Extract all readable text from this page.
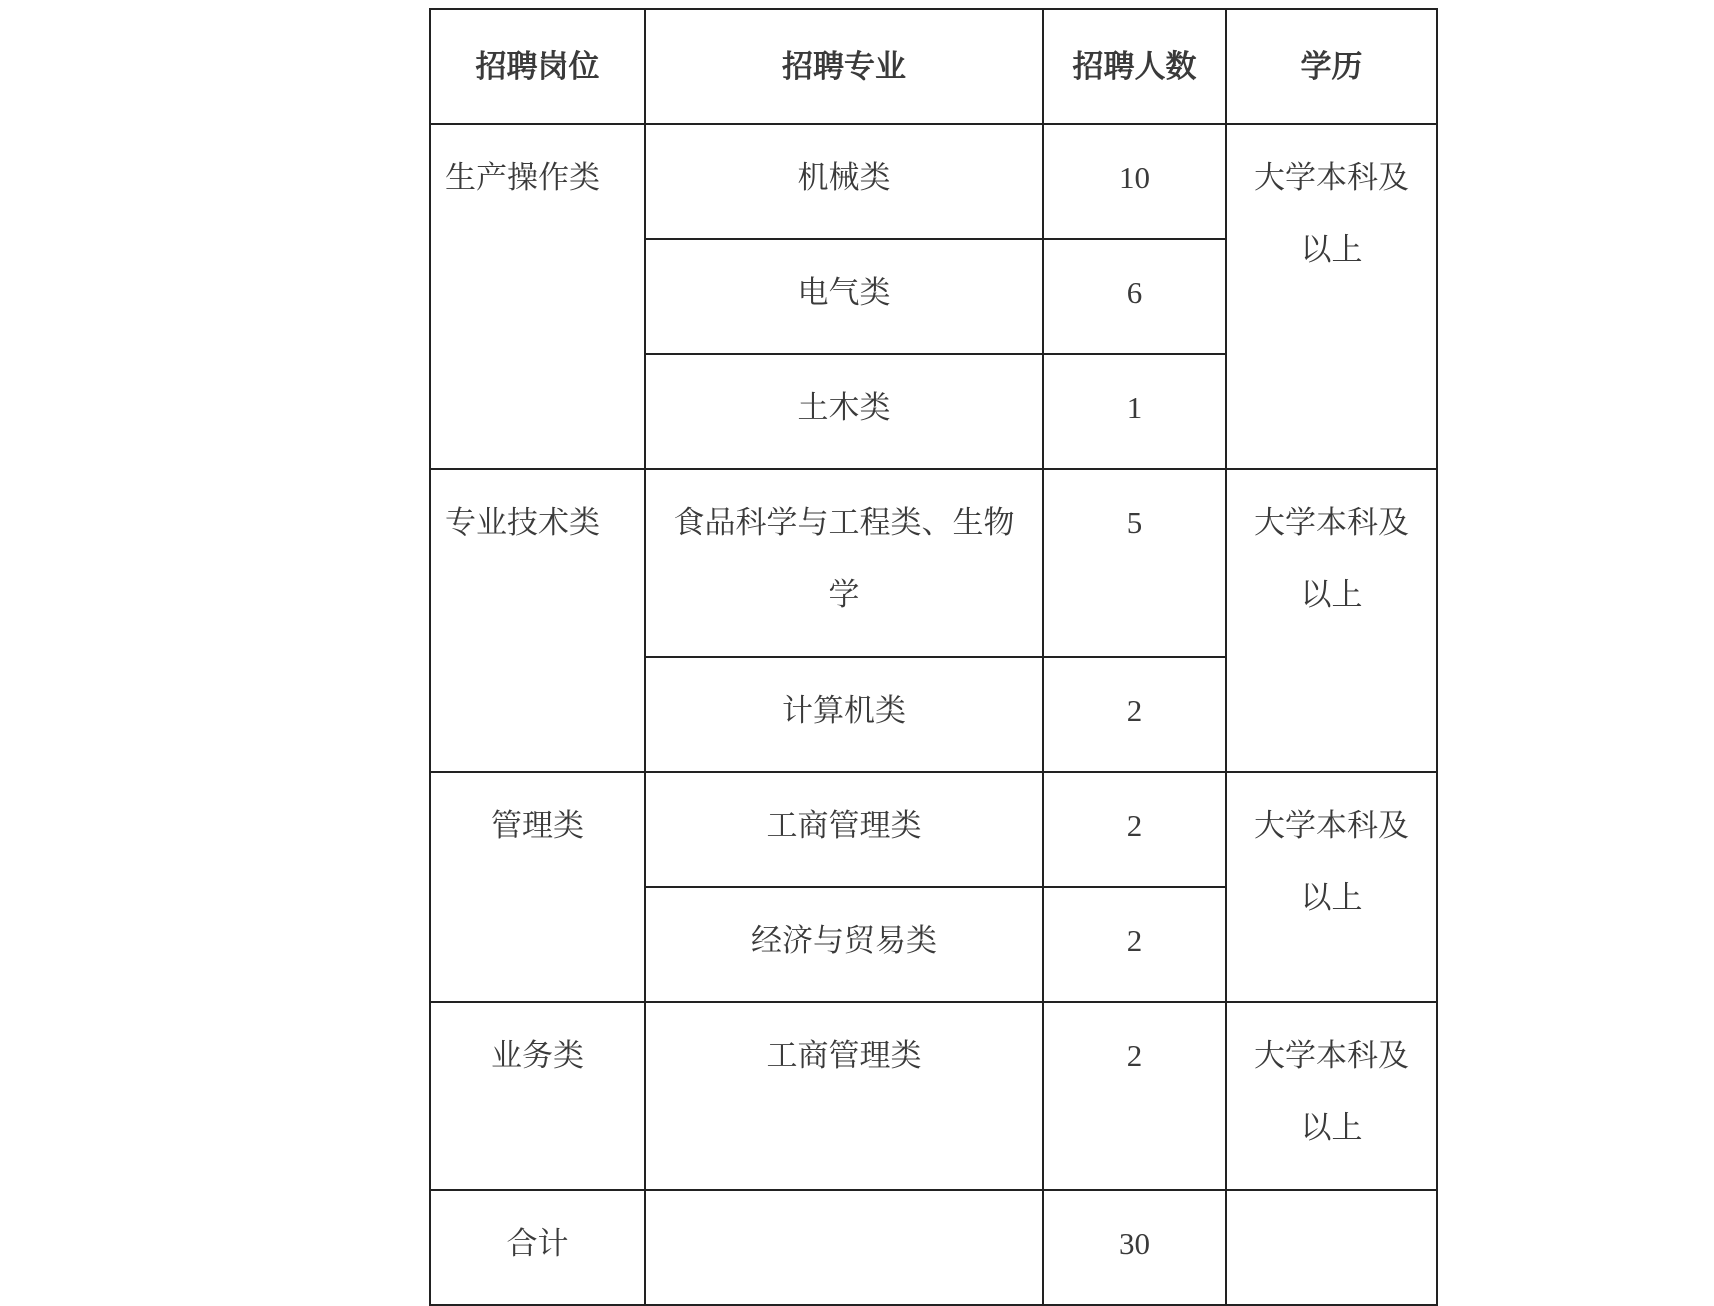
招聘岗位	招聘专业	招聘人数	学历
生产操作类	机械类	10	大学本科及以上

	电气类	6	
	土木类	1	
专业技术类	食品科学与工程类、生物学	5	大学本科及以上

	计算机类	2	
管理类	工商管理类	2	大学本科及以上

	经济与贸易类	2	
业务类	工商管理类	2	大学本科及以上

合计		30	
